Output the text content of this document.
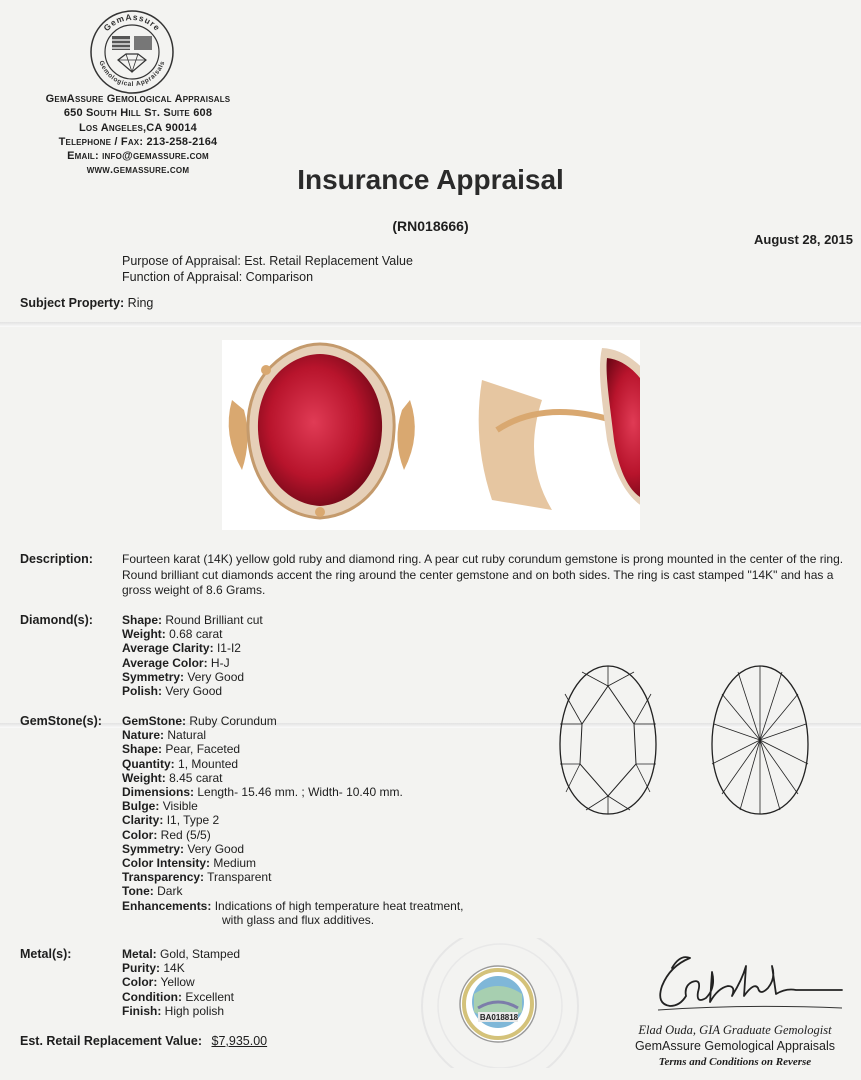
GemAssure
Gemological Appraisals
GemAssure Gemological Appraisals
650 South Hill St. Suite 608
Los Angeles,CA 90014
Telephone / Fax: 213-258-2164
Email: info@gemassure.com
www.gemassure.com	Insurance Appraisal
(RN018666)
August 28, 2015
Purpose of Appraisal: Est. Retail Replacement Value
Function of Appraisal: Comparison
Subject Property: Ring
Description: Fourteen karat (14K) yellow gold ruby and diamond ring. A pear cut ruby corundum gemstone is prong mounted in the center of the ring. Round brilliant cut diamonds accent the ring around the center gemstone and on both sides. The ring is cast stamped "14K" and has a gross weight of 8.6 Grams.
Diamond(s): Shape: Round Brilliant cut
Weight: 0.68 carat
Average Clarity: I1-I2
Average Color: H-J
Symmetry: Very Good
Polish: Very Good
GemStone(s): GemStone: Ruby Corundum
Nature: Natural
Shape: Pear, Faceted
Quantity: 1, Mounted
Weight: 8.45 carat
Dimensions: Length- 15.46 mm. ; Width- 10.40 mm.
Bulge: Visible
Clarity: I1, Type 2
Color: Red (5/5)
Symmetry: Very Good
Color Intensity: Medium
Transparency: Transparent
Tone: Dark
Enhancements: Indications of high temperature heat treatment,
with glass and flux additives.
Metal(s):	Metal: Gold, Stamped
Purity: 14K
Color: Yellow
Condition: Excellent
Finish: High polish	BA018818
Est. Retail Replacement Value: $7,935.00
Elad Ouda, GIA Graduate Gemologist
GemAssure Gemological Appraisals
Terms and Conditions on Reverse
